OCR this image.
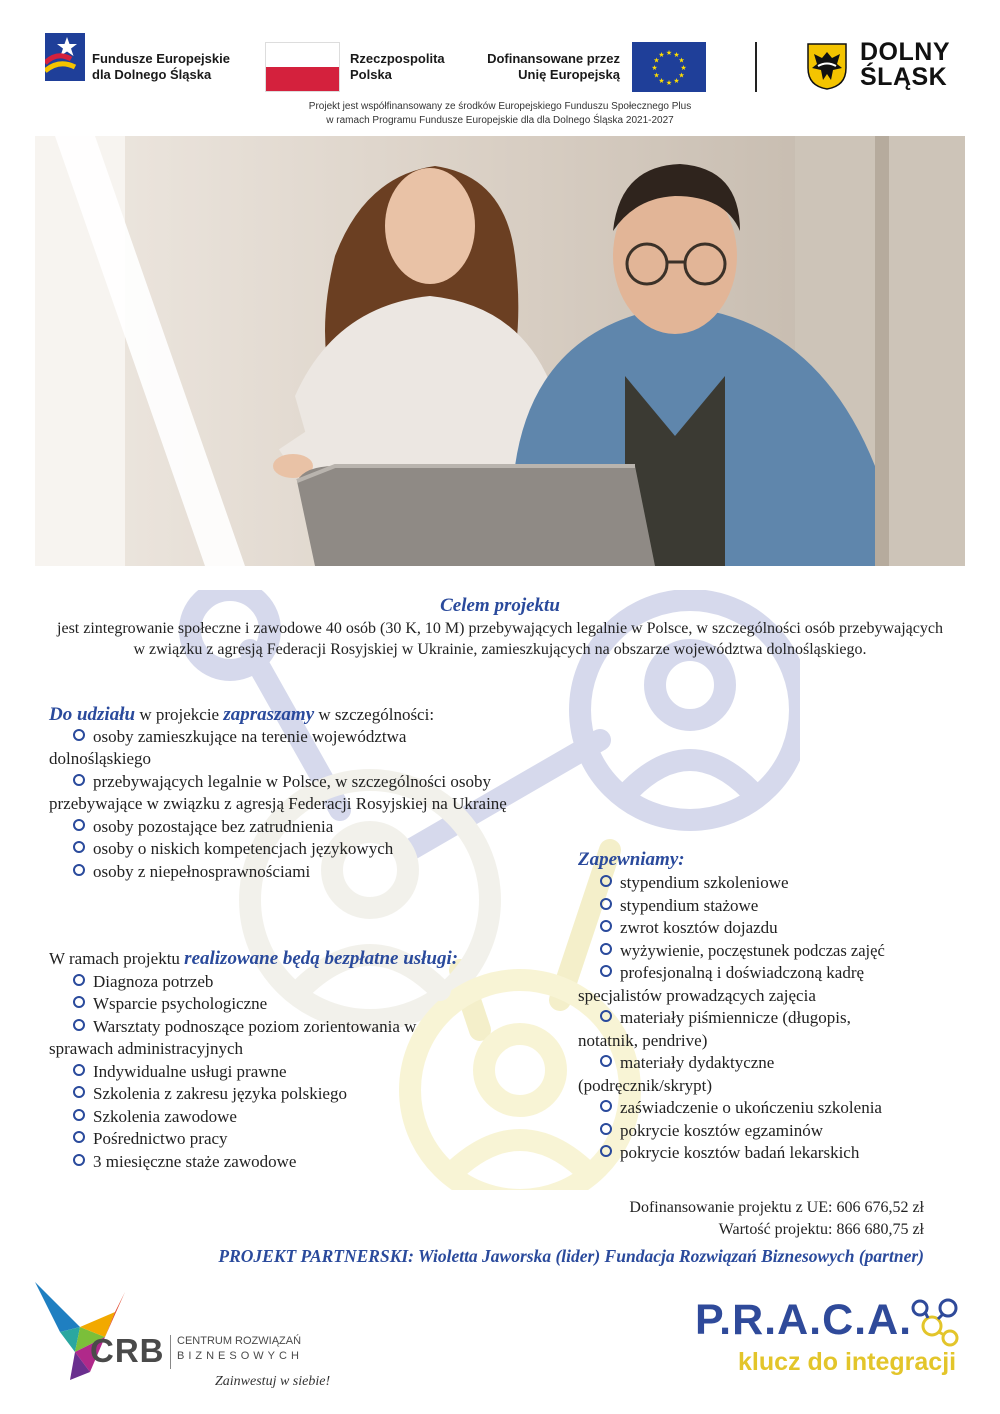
Fundusze Europejskie
dla Dolnego Śląska
Rzeczpospolita
Polska
Dofinansowane przez
Unię Europejską
★ ★
★
★
★
★
★
★
★
★
★
★	DOLNY
ŚLĄSK
Projekt jest współfinansowany ze środków Europejskiego Funduszu Społecznego Plus
w ramach Programu Fundusze Europejskie dla dla Dolnego Śląska 2021-2027
Celem projektu
jest zintegrowanie społeczne i zawodowe 40 osób (30 K, 10 M) przebywających legalnie w Polsce, w szczególności osób przebywających w związku z agresją Federacji Rosyjskiej w Ukrainie, zamieszkujących na obszarze województwa dolnośląskiego.
Do udziału w projekcie zapraszamy w szczególności:
osoby zamieszkujące na terenie województwa dolnośląskiego
przebywających legalnie w Polsce, w szczególności osoby przebywające w związku z agresją Federacji Rosyjskiej na Ukrainę
osoby pozostające bez zatrudnienia
osoby o niskich kompetencjach językowych
osoby z niepełnosprawnościami
W ramach projektu realizowane będą bezpłatne usługi:
Diagnoza potrzeb
Wsparcie psychologiczne
Warsztaty podnoszące poziom zorientowania w sprawach administracyjnych
Indywidualne usługi prawne
Szkolenia z zakresu języka polskiego
Szkolenia zawodowe
Pośrednictwo pracy
3 miesięczne staże zawodowe
Zapewniamy:
stypendium szkoleniowe
stypendium stażowe
zwrot kosztów dojazdu
wyżywienie, poczęstunek podczas zajęć
profesjonalną i doświadczoną kadrę specjalistów prowadzących zajęcia
materiały piśmiennicze (długopis, notatnik, pendrive)
materiały dydaktyczne (podręcznik/skrypt)
zaświadczenie o ukończeniu szkolenia
pokrycie kosztów egzaminów
pokrycie kosztów badań lekarskich
Dofinansowanie projektu z UE: 606 676,52 zł
Wartość projektu: 866 680,75 zł
PROJEKT PARTNERSKI: Wioletta Jaworska (lider) Fundacja Rozwiązań Biznesowych (partner)
CRB CENTRUM ROZWIĄZAŃ
BIZNESOWYCH
Zainwestuj w siebie!
P.R.A.C.A.
klucz do integracji
